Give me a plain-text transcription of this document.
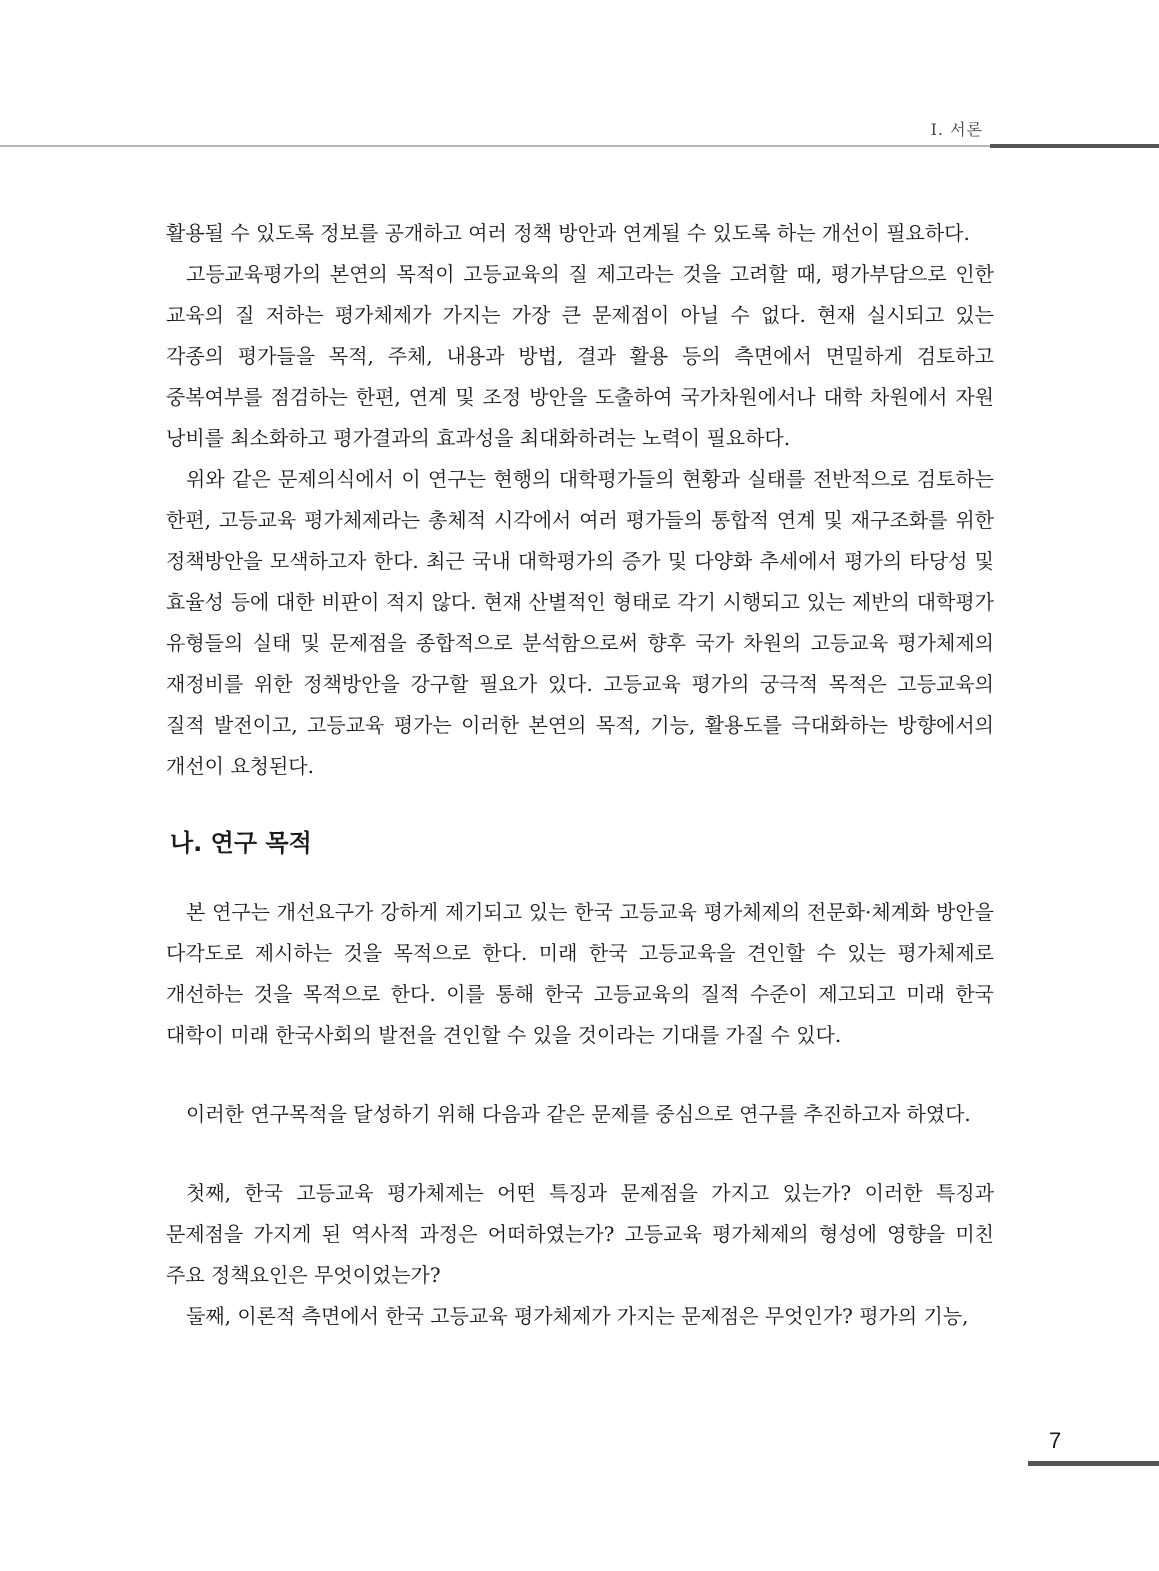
Ⅰ. 서론

활용될 수 있도록 정보를 공개하고 여러 정책 방안과 연계될 수 있도록 하는 개선이 필요하다.

고등교육평가의 본연의 목적이 고등교육의 질 제고라는 것을 고려할 때, 평가부담으로 인한 교육의 질 저하는 평가체제가 가지는 가장 큰 문제점이 아닐 수 없다. 현재 실시되고 있는 각종의 평가들을 목적, 주체, 내용과 방법, 결과 활용 등의 측면에서 면밀하게 검토하고 중복여부를 점검하는 한편, 연계 및 조정 방안을 도출하여 국가차원에서나 대학 차원에서 자원 낭비를 최소화하고 평가결과의 효과성을 최대화하려는 노력이 필요하다.

위와 같은 문제의식에서 이 연구는 현행의 대학평가들의 현황과 실태를 전반적으로 검토하는 한편, 고등교육 평가체제라는 총체적 시각에서 여러 평가들의 통합적 연계 및 재구조화를 위한 정책방안을 모색하고자 한다. 최근 국내 대학평가의 증가 및 다양화 추세에서 평가의 타당성 및 효율성 등에 대한 비판이 적지 않다. 현재 산별적인 형태로 각기 시행되고 있는 제반의 대학평가 유형들의 실태 및 문제점을 종합적으로 분석함으로써 향후 국가 차원의 고등교육 평가체제의 재정비를 위한 정책방안을 강구할 필요가 있다. 고등교육 평가의 궁극적 목적은 고등교육의 질적 발전이고, 고등교육 평가는 이러한 본연의 목적, 기능, 활용도를 극대화하는 방향에서의 개선이 요청된다.

나. 연구 목적

본 연구는 개선요구가 강하게 제기되고 있는 한국 고등교육 평가체제의 전문화·체계화 방안을 다각도로 제시하는 것을 목적으로 한다. 미래 한국 고등교육을 견인할 수 있는 평가체제로 개선하는 것을 목적으로 한다. 이를 통해 한국 고등교육의 질적 수준이 제고되고 미래 한국 대학이 미래 한국사회의 발전을 견인할 수 있을 것이라는 기대를 가질 수 있다.

이러한 연구목적을 달성하기 위해 다음과 같은 문제를 중심으로 연구를 추진하고자 하였다.

첫째, 한국 고등교육 평가체제는 어떤 특징과 문제점을 가지고 있는가? 이러한 특징과 문제점을 가지게 된 역사적 과정은 어떠하였는가? 고등교육 평가체제의 형성에 영향을 미친 주요 정책요인은 무엇이었는가?

둘째, 이론적 측면에서 한국 고등교육 평가체제가 가지는 문제점은 무엇인가? 평가의 기능,

7
